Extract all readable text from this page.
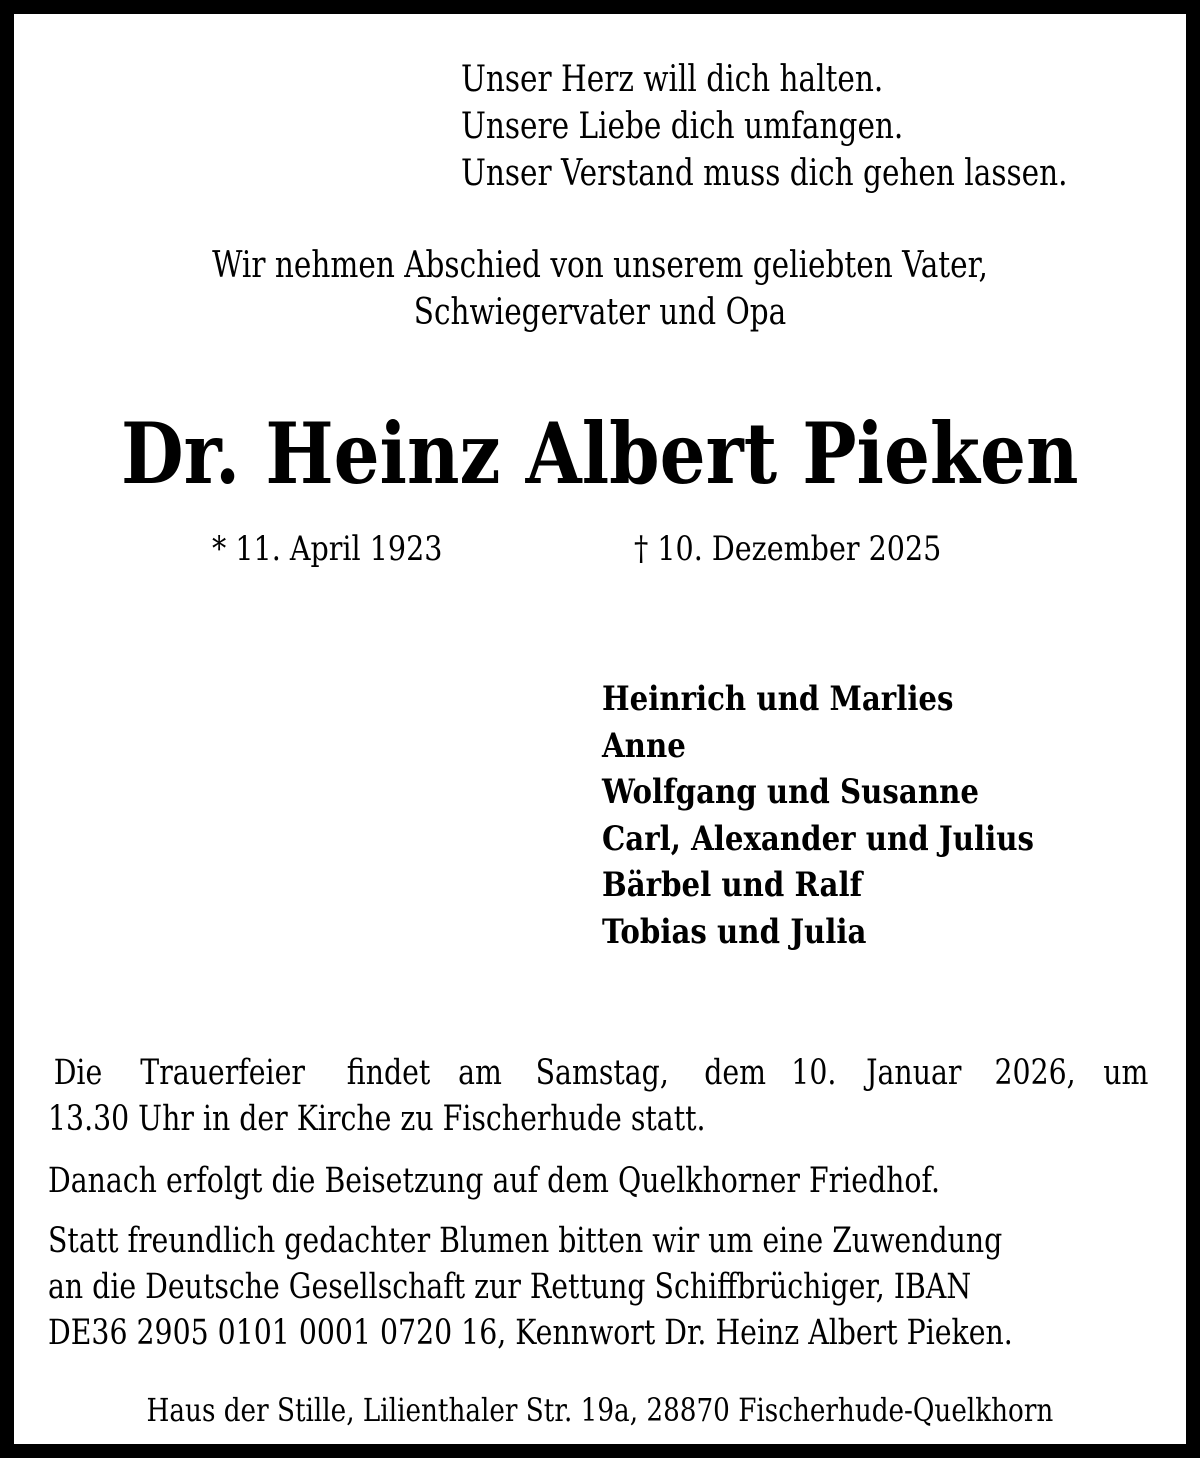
Unser Herz will dich halten.
Unsere Liebe dich umfangen.
Unser Verstand muss dich gehen lassen.
Wir nehmen Abschied von unserem geliebten Vater,
Schwiegervater und Opa
Dr. Heinz Albert Pieken
* 11. April 1923	† 10. Dezember 2025
Heinrich und Marlies
Anne
Wolfgang und Susanne
Carl, Alexander und Julius
Bärbel und Ralf
Tobias und Julia
Die Trauerfeier findet am Samstag, dem 10. Januar 2026, um
13.30 Uhr in der Kirche zu Fischerhude statt.
Danach erfolgt die Beisetzung auf dem Quelkhorner Friedhof.
Statt freundlich gedachter Blumen bitten wir um eine Zuwendung
an die Deutsche Gesellschaft zur Rettung Schiffbrüchiger, IBAN
DE36 2905 0101 0001 0720 16, Kennwort Dr. Heinz Albert Pieken.
Haus der Stille, Lilienthaler Str. 19a, 28870 Fischerhude-Quelkhorn
